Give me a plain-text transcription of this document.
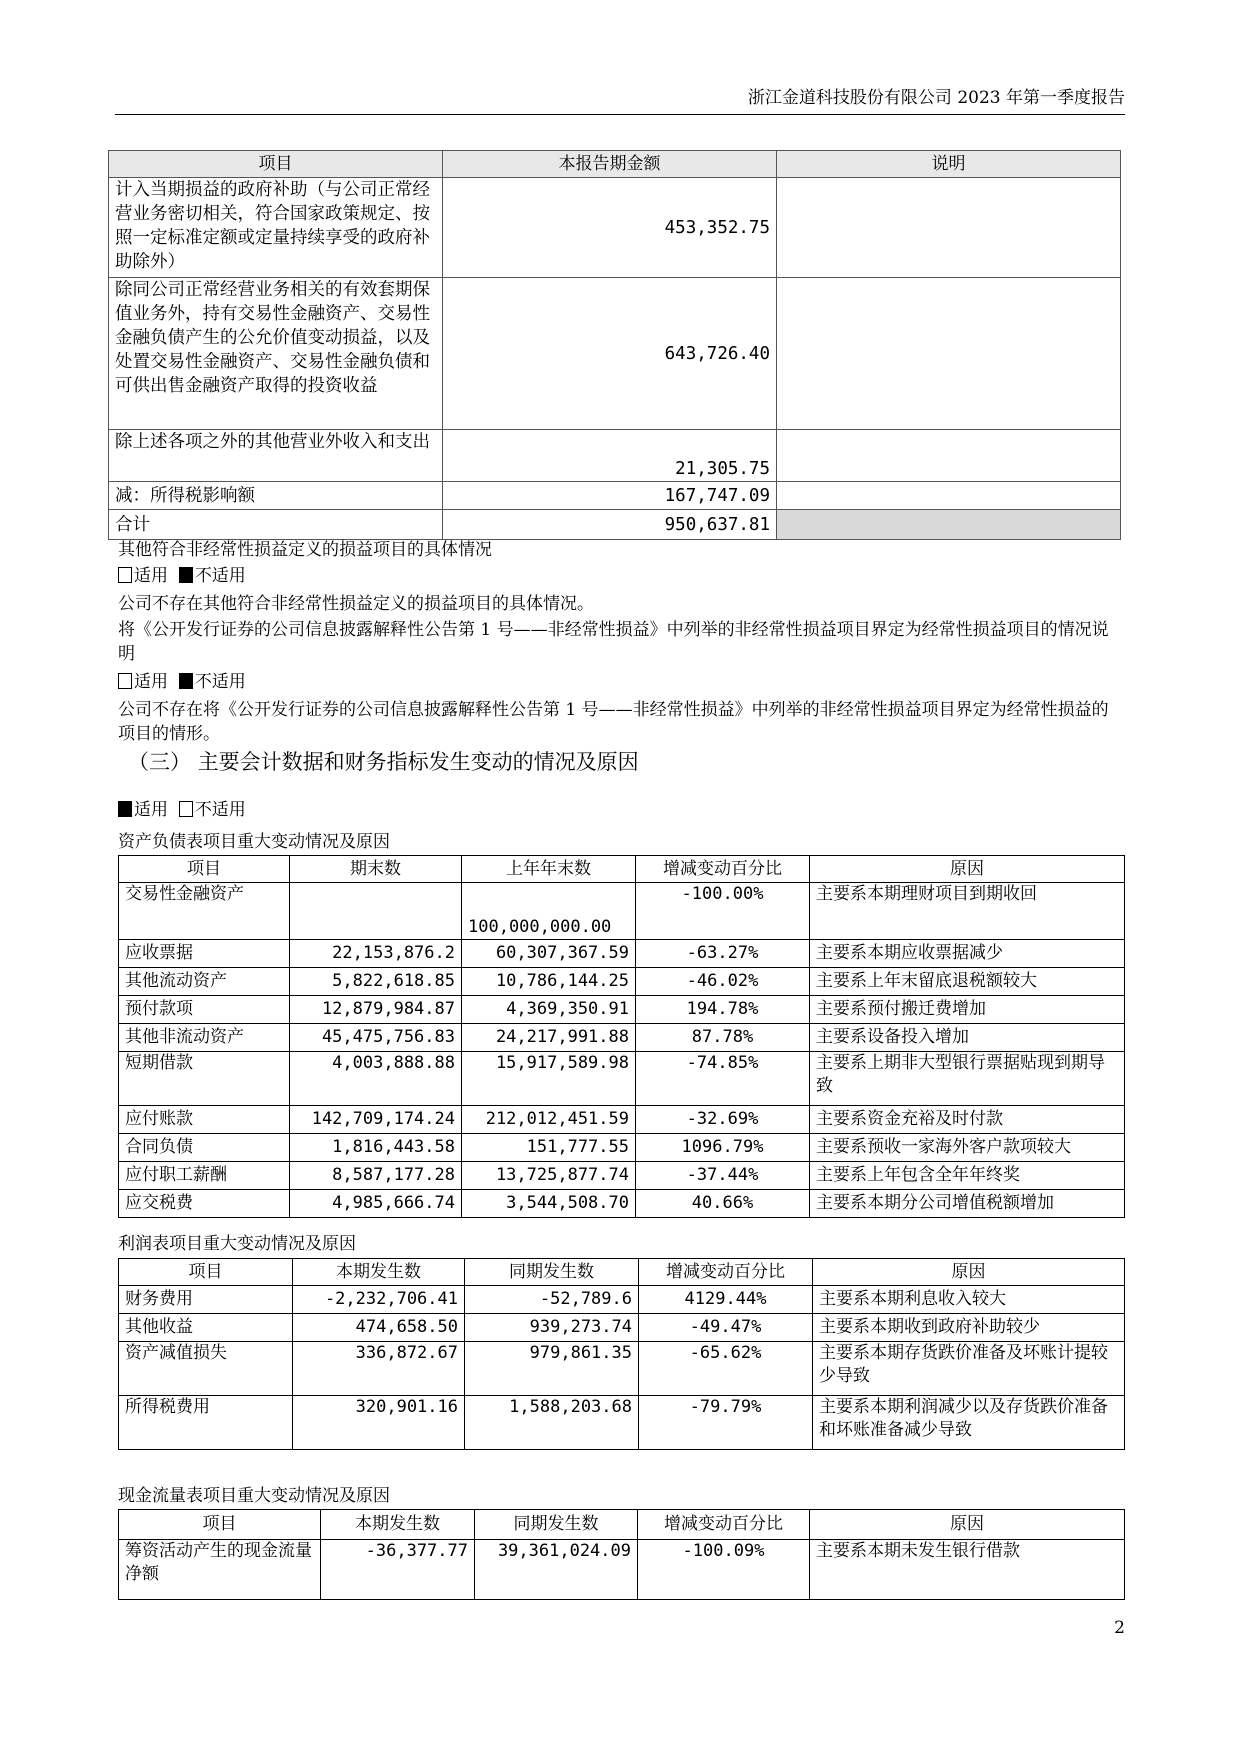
浙江金道科技股份有限公司 2023 年第一季度报告
项目	本报告期金额	说明
计入当期损益的政府补助（与公司正常经营业务密切相关，符合国家政策规定、按照一定标准定额或定量持续享受的政府补助除外）	453,352.75	
除同公司正常经营业务相关的有效套期保值业务外，持有交易性金融资产、交易性金融负债产生的公允价值变动损益，以及处置交易性金融资产、交易性金融负债和可供出售金融资产取得的投资收益	643,726.40	
除上述各项之外的其他营业外收入和支出	21,305.75	
减：所得税影响额	167,747.09	
合计	950,637.81	
其他符合非经常性损益定义的损益项目的具体情况
适用 不适用
公司不存在其他符合非经常性损益定义的损益项目的具体情况。
将《公开发行证券的公司信息披露解释性公告第 1 号——非经常性损益》中列举的非经常性损益项目界定为经常性损益项目的情况说明
适用 不适用
公司不存在将《公开发行证券的公司信息披露解释性公告第 1 号——非经常性损益》中列举的非经常性损益项目界定为经常性损益的项目的情形。
（三） 主要会计数据和财务指标发生变动的情况及原因
适用 不适用
资产负债表项目重大变动情况及原因
项目	期末数	上年年末数	增减变动百分比	原因
交易性金融资产		100,000,000.00	-100.00%	主要系本期理财项目到期收回
应收票据	22,153,876.2	60,307,367.59	-63.27%	主要系本期应收票据减少
其他流动资产	5,822,618.85	10,786,144.25	-46.02%	主要系上年末留底退税额较大
预付款项	12,879,984.87	4,369,350.91	194.78%	主要系预付搬迁费增加
其他非流动资产	45,475,756.83	24,217,991.88	87.78%	主要系设备投入增加
短期借款	4,003,888.88	15,917,589.98	-74.85%	主要系上期非大型银行票据贴现到期导致
应付账款	142,709,174.24	212,012,451.59	-32.69%	主要系资金充裕及时付款
合同负债	1,816,443.58	151,777.55	1096.79%	主要系预收一家海外客户款项较大
应付职工薪酬	8,587,177.28	13,725,877.74	-37.44%	主要系上年包含全年年终奖
应交税费	4,985,666.74	3,544,508.70	40.66%	主要系本期分公司增值税额增加
利润表项目重大变动情况及原因
项目	本期发生数	同期发生数	增减变动百分比	原因
财务费用	-2,232,706.41	-52,789.6	4129.44%	主要系本期利息收入较大
其他收益	474,658.50	939,273.74	-49.47%	主要系本期收到政府补助较少
资产减值损失	336,872.67	979,861.35	-65.62%	主要系本期存货跌价准备及坏账计提较少导致
所得税费用	320,901.16	1,588,203.68	-79.79%	主要系本期利润减少以及存货跌价准备和坏账准备减少导致
现金流量表项目重大变动情况及原因
项目	本期发生数	同期发生数	增减变动百分比	原因
筹资活动产生的现金流量净额	-36,377.77	39,361,024.09	-100.09%	主要系本期未发生银行借款
2
